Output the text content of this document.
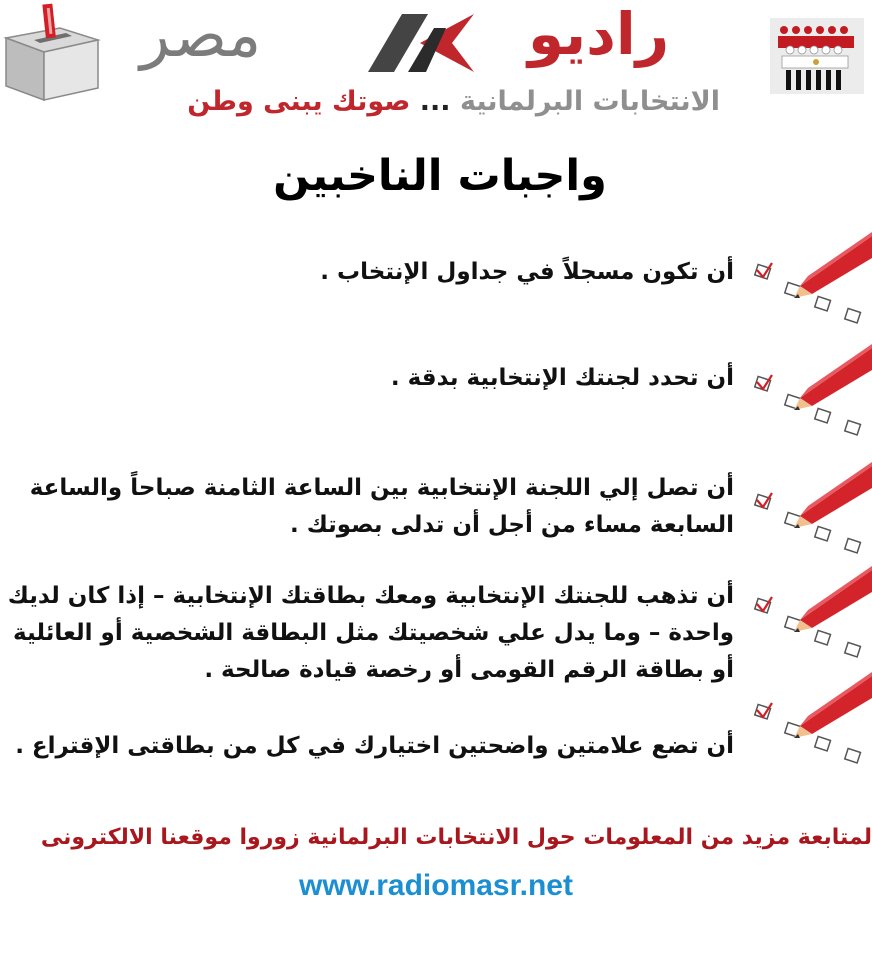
مصر	راديو
الانتخابات البرلمانية ... صوتك يبنى وطن
واجبات الناخبين
أن تكون مسجلاً في جداول الإنتخاب .
أن تحدد لجنتك الإنتخابية بدقة .
أن تصل إلي اللجنة الإنتخابية بين الساعة الثامنة صباحاً والساعة السابعة مساء من أجل أن تدلى بصوتك .
أن تذهب للجنتك الإنتخابية ومعك بطاقتك الإنتخابية – إذا كان لديك واحدة – وما يدل علي شخصيتك مثل البطاقة الشخصية أو العائلية أو بطاقة الرقم القومى أو رخصة قيادة صالحة .
أن تضع علامتين واضحتين اختيارك في كل من بطاقتى الإقتراع .
لمتابعة مزيد من المعلومات حول الانتخابات البرلمانية زوروا موقعنا الالكترونى
www.radiomasr.net
